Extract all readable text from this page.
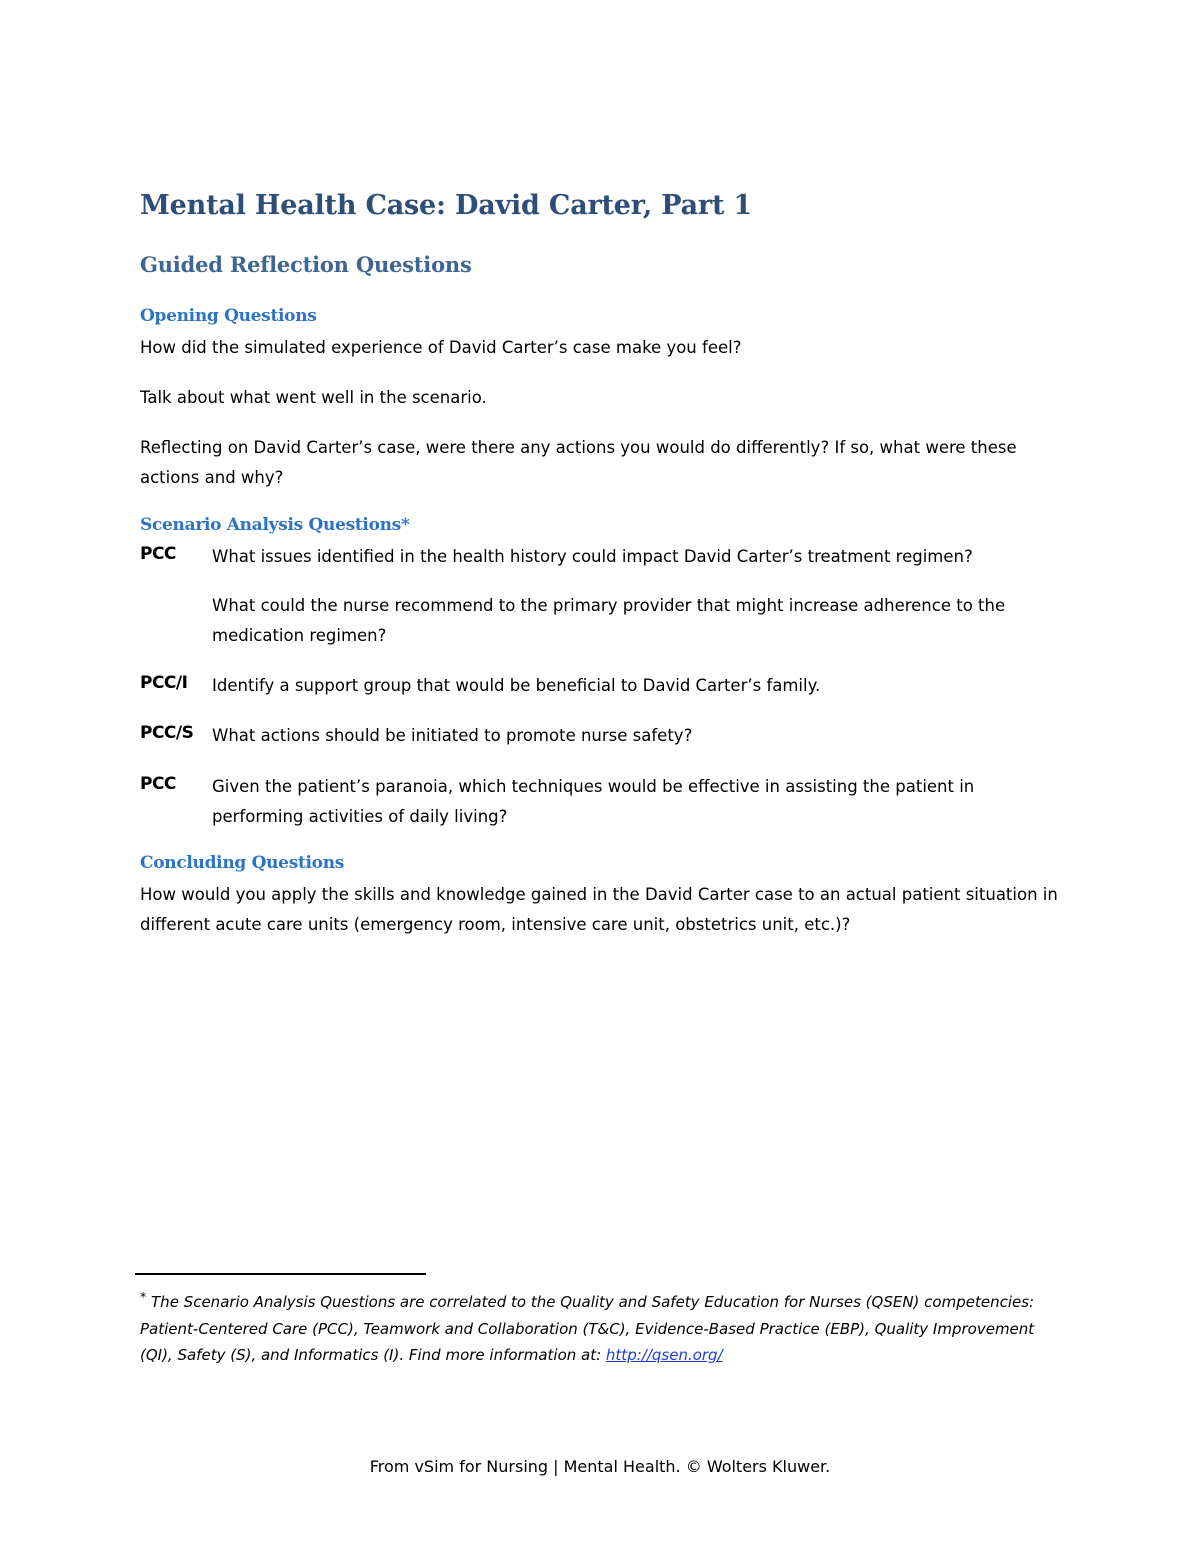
Mental Health Case: David Carter, Part 1
Guided Reflection Questions
Opening Questions

How did the simulated experience of David Carter’s case make you feel?

Talk about what went well in the scenario.

Reflecting on David Carter’s case, were there any actions you would do differently? If so, what were these actions and why?

Scenario Analysis Questions*
PCC What issues identified in the health history could impact David Carter’s treatment regimen?

What could the nurse recommend to the primary provider that might increase adherence to the medication regimen?

PCC/I Identify a support group that would be beneficial to David Carter’s family.

PCC/S What actions should be initiated to promote nurse safety?

PCC Given the patient’s paranoia, which techniques would be effective in assisting the patient in performing activities of daily living?

Concluding Questions

How would you apply the skills and knowledge gained in the David Carter case to an actual patient situation in different acute care units (emergency room, intensive care unit, obstetrics unit, etc.)?

* The Scenario Analysis Questions are correlated to the Quality and Safety Education for Nurses (QSEN) competencies: Patient-Centered Care (PCC), Teamwork and Collaboration (T&C), Evidence-Based Practice (EBP), Quality Improvement (QI), Safety (S), and Informatics (I). Find more information at: http://qsen.org/

From vSim for Nursing | Mental Health. © Wolters Kluwer.
